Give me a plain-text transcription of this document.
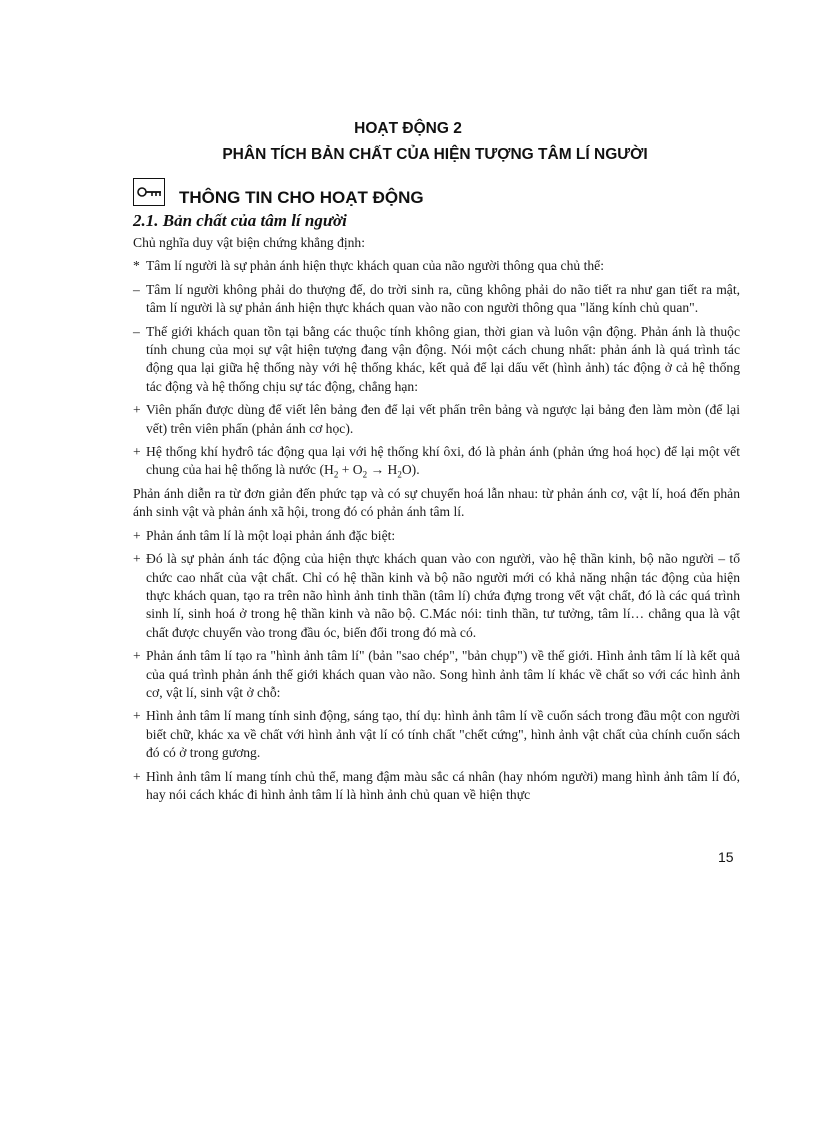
HOẠT ĐỘNG 2
PHÂN TÍCH BẢN CHẤT CỦA HIỆN TƯỢNG TÂM LÍ NGƯỜI
THÔNG TIN CHO HOẠT ĐỘNG
2.1. Bản chất của tâm lí người

Chủ nghĩa duy vật biện chứng khẳng định:

* Tâm lí người là sự phản ánh hiện thực khách quan của não người thông qua chủ thể:
– Tâm lí người không phải do thượng đế, do trời sinh ra, cũng không phải do não tiết ra như gan tiết ra mật, tâm lí người là sự phản ánh hiện thực khách quan vào não con người thông qua "lăng kính chủ quan".
– Thế giới khách quan tồn tại bằng các thuộc tính không gian, thời gian và luôn vận động. Phản ánh là thuộc tính chung của mọi sự vật hiện tượng đang vận động. Nói một cách chung nhất: phản ánh là quá trình tác động qua lại giữa hệ thống này với hệ thống khác, kết quả để lại dấu vết (hình ảnh) tác động ở cả hệ thống tác động và hệ thống chịu sự tác động, chẳng hạn:
+ Viên phấn được dùng để viết lên bảng đen để lại vết phấn trên bảng và ngược lại bảng đen làm mòn (để lại vết) trên viên phấn (phản ánh cơ học).
+ Hệ thống khí hyđrô tác động qua lại với hệ thống khí ôxi, đó là phản ánh (phản ứng hoá học) để lại một vết chung của hai hệ thống là nước $(H_2 + O_2 \to H_2O)$.

Phản ánh diễn ra từ đơn giản đến phức tạp và có sự chuyển hoá lẫn nhau: từ phản ánh cơ, vật lí, hoá đến phản ánh sinh vật và phản ánh xã hội, trong đó có phản ánh tâm lí.

+ Phản ánh tâm lí là một loại phản ánh đặc biệt:
+ Đó là sự phản ánh tác động của hiện thực khách quan vào con người, vào hệ thần kinh, bộ não người – tổ chức cao nhất của vật chất. Chỉ có hệ thần kinh và bộ não người mới có khả năng nhận tác động của hiện thực khách quan, tạo ra trên não hình ảnh tinh thần (tâm lí) chứa đựng trong vết vật chất, đó là các quá trình sinh lí, sinh hoá ở trong hệ thần kinh và não bộ. C.Mác nói: tinh thần, tư tưởng, tâm lí… chẳng qua là vật chất được chuyển vào trong đầu óc, biến đổi trong đó mà có.
+ Phản ánh tâm lí tạo ra "hình ảnh tâm lí" (bản "sao chép", "bản chụp") về thế giới. Hình ảnh tâm lí là kết quả của quá trình phản ánh thế giới khách quan vào não. Song hình ảnh tâm lí khác về chất so với các hình ảnh cơ, vật lí, sinh vật ở chỗ:
+ Hình ảnh tâm lí mang tính sinh động, sáng tạo, thí dụ: hình ảnh tâm lí về cuốn sách trong đầu một con người biết chữ, khác xa về chất với hình ảnh vật lí có tính chất "chết cứng", hình ảnh vật chất của chính cuốn sách đó có ở trong gương.
+ Hình ảnh tâm lí mang tính chủ thể, mang đậm màu sắc cá nhân (hay nhóm người) mang hình ảnh tâm lí đó, hay nói cách khác đi hình ảnh tâm lí là hình ảnh chủ quan về hiện thực
15
